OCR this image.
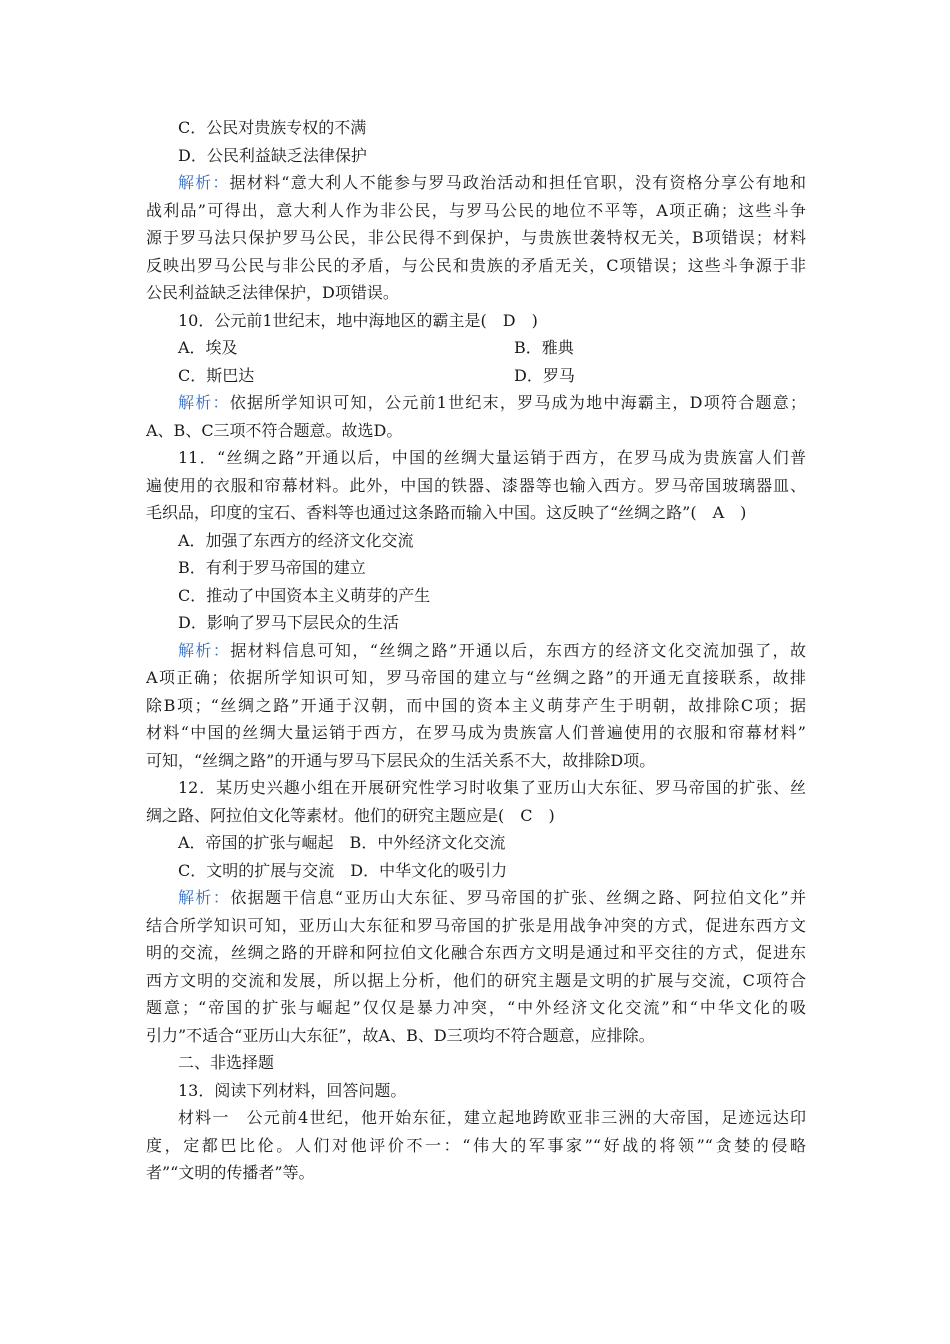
C．公民对贵族专权的不满
D．公民利益缺乏法律保护
解析：据材料“意大利人不能参与罗马政治活动和担任官职，没有资格分享公有地和
战利品”可得出，意大利人作为非公民，与罗马公民的地位不平等，A项正确；这些斗争
源于罗马法只保护罗马公民，非公民得不到保护，与贵族世袭特权无关，B项错误；材料
反映出罗马公民与非公民的矛盾，与公民和贵族的矛盾无关，C项错误；这些斗争源于非
公民利益缺乏法律保护，D项错误。
10．公元前1世纪末，地中海地区的霸主是(　D　)
A．埃及	B．雅典
C．斯巴达	D．罗马
解析：依据所学知识可知，公元前1世纪末，罗马成为地中海霸主，D项符合题意；
A、B、C三项不符合题意。故选D。
11．“丝绸之路”开通以后，中国的丝绸大量运销于西方，在罗马成为贵族富人们普
遍使用的衣服和帘幕材料。此外，中国的铁器、漆器等也输入西方。罗马帝国玻璃器皿、
毛织品，印度的宝石、香料等也通过这条路而输入中国。这反映了“丝绸之路”(　A　)
A．加强了东西方的经济文化交流
B．有利于罗马帝国的建立
C．推动了中国资本主义萌芽的产生
D．影响了罗马下层民众的生活
解析：据材料信息可知，“丝绸之路”开通以后，东西方的经济文化交流加强了，故
A项正确；依据所学知识可知，罗马帝国的建立与“丝绸之路”的开通无直接联系，故排
除B项；“丝绸之路”开通于汉朝，而中国的资本主义萌芽产生于明朝，故排除C项；据
材料“中国的丝绸大量运销于西方，在罗马成为贵族富人们普遍使用的衣服和帘幕材料”
可知，“丝绸之路”的开通与罗马下层民众的生活关系不大，故排除D项。
12．某历史兴趣小组在开展研究性学习时收集了亚历山大东征、罗马帝国的扩张、丝
绸之路、阿拉伯文化等素材。他们的研究主题应是(　C　)
A．帝国的扩张与崛起　B．中外经济文化交流
C．文明的扩展与交流　D．中华文化的吸引力
解析：依据题干信息“亚历山大东征、罗马帝国的扩张、丝绸之路、阿拉伯文化”并
结合所学知识可知，亚历山大东征和罗马帝国的扩张是用战争冲突的方式，促进东西方文
明的交流，丝绸之路的开辟和阿拉伯文化融合东西方文明是通过和平交往的方式，促进东
西方文明的交流和发展，所以据上分析，他们的研究主题是文明的扩展与交流，C项符合
题意；“帝国的扩张与崛起”仅仅是暴力冲突，“中外经济文化交流”和“中华文化的吸
引力”不适合“亚历山大东征”，故A、B、D三项均不符合题意，应排除。
二、非选择题
13．阅读下列材料，回答问题。
材料一　公元前4世纪，他开始东征，建立起地跨欧亚非三洲的大帝国，足迹远达印
度，定都巴比伦。人们对他评价不一：“伟大的军事家”“好战的将领”“贪婪的侵略
者”“文明的传播者”等。
